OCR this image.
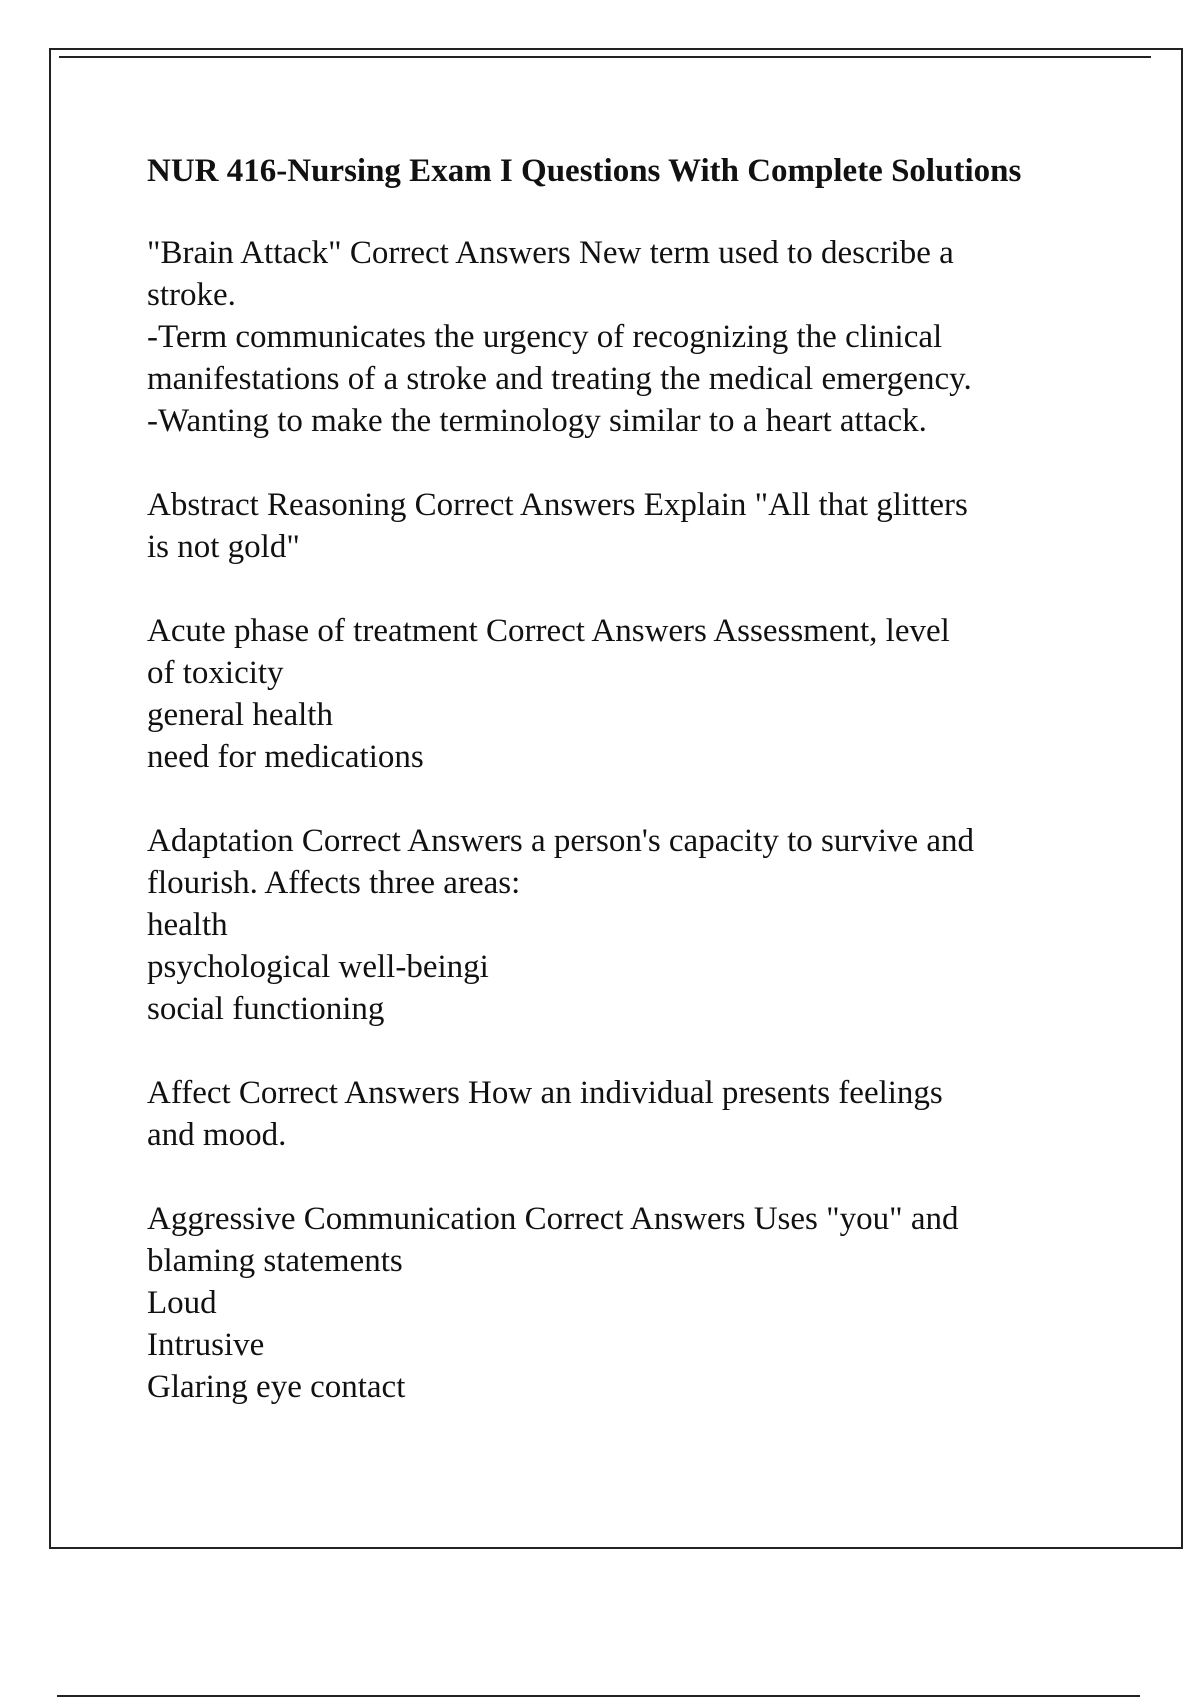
NUR 416-Nursing Exam I Questions With Complete Solutions
"Brain Attack" Correct Answers New term used to describe a
stroke.
-Term communicates the urgency of recognizing the clinical
manifestations of a stroke and treating the medical emergency.
-Wanting to make the terminology similar to a heart attack.
Abstract Reasoning Correct Answers Explain "All that glitters
is not gold"
Acute phase of treatment Correct Answers Assessment, level
of toxicity
general health
need for medications
Adaptation Correct Answers a person's capacity to survive and
flourish. Affects three areas:
health
psychological well-beingi
social functioning
Affect Correct Answers How an individual presents feelings
and mood.
Aggressive Communication Correct Answers Uses "you" and
blaming statements
Loud
Intrusive
Glaring eye contact
